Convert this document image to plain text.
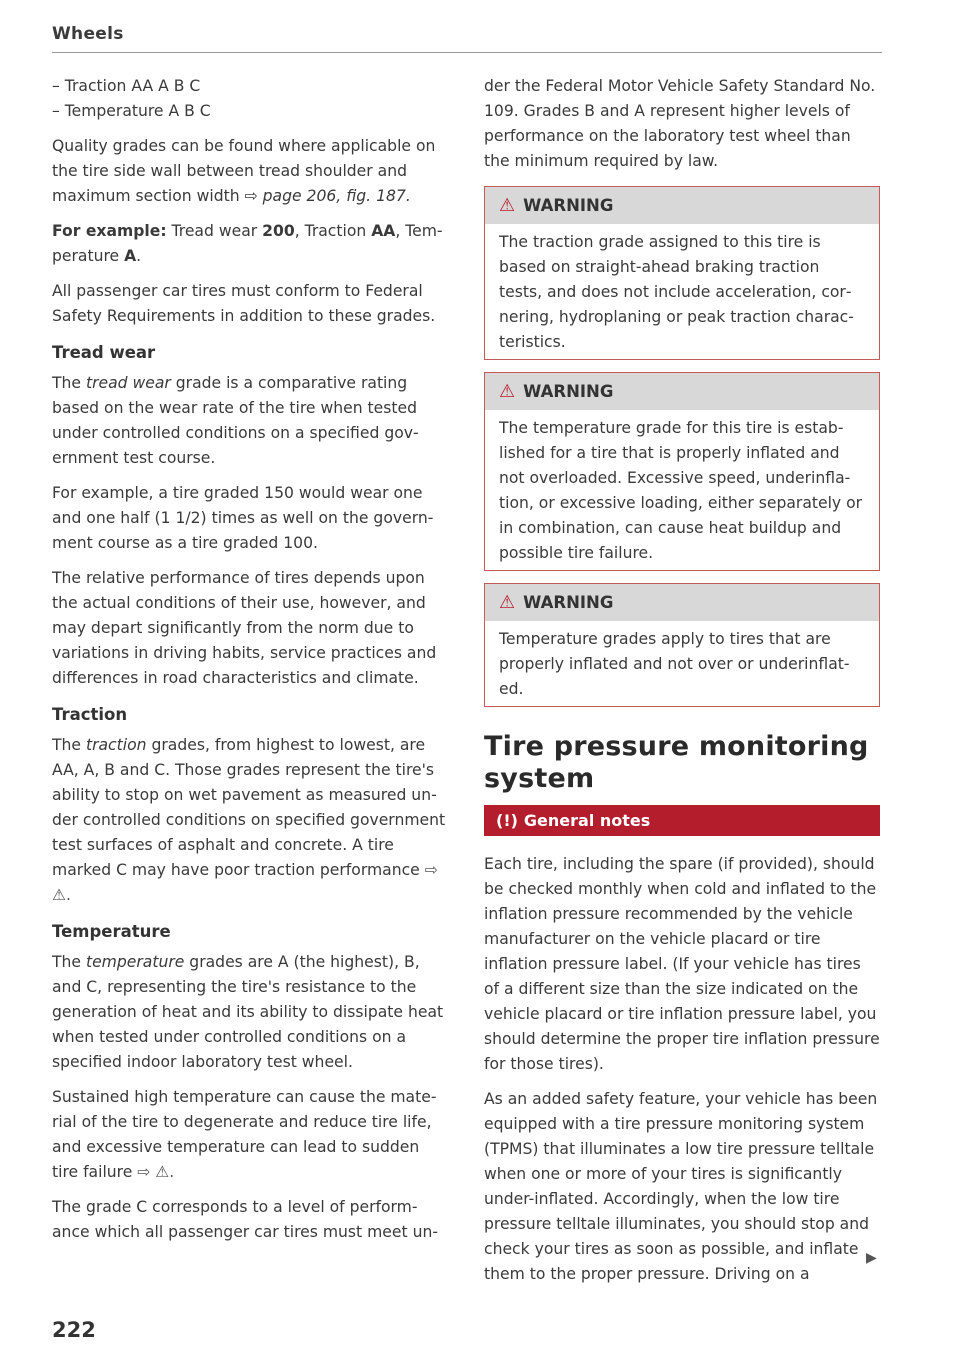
Wheels

– Traction AA A B C

– Temperature A B C

Quality grades can be found where applicable on the tire side wall between tread shoulder and maximum section width ⇨ page 206, fig. 187.

For example: Tread wear 200, Traction AA, Temperature A.

All passenger car tires must conform to Federal Safety Requirements in addition to these grades.

Tread wear

The tread wear grade is a comparative rating based on the wear rate of the tire when tested under controlled conditions on a specified government test course.

For example, a tire graded 150 would wear one and one half (1 1/2) times as well on the government course as a tire graded 100.

The relative performance of tires depends upon the actual conditions of their use, however, and may depart significantly from the norm due to variations in driving habits, service practices and differences in road characteristics and climate.

Traction

The traction grades, from highest to lowest, are AA, A, B and C. Those grades represent the tire's ability to stop on wet pavement as measured under controlled conditions on specified government test surfaces of asphalt and concrete. A tire marked C may have poor traction performance ⇨ ⚠.

Temperature

The temperature grades are A (the highest), B, and C, representing the tire's resistance to the generation of heat and its ability to dissipate heat when tested under controlled conditions on a specified indoor laboratory test wheel.

Sustained high temperature can cause the material of the tire to degenerate and reduce tire life, and excessive temperature can lead to sudden tire failure ⇨ ⚠.

The grade C corresponds to a level of performance which all passenger car tires must meet un-

der the Federal Motor Vehicle Safety Standard No. 109. Grades B and A represent higher levels of performance on the laboratory test wheel than the minimum required by law.

⚠ WARNING

The traction grade assigned to this tire is based on straight-ahead braking traction tests, and does not include acceleration, cornering, hydroplaning or peak traction characteristics.

⚠ WARNING

The temperature grade for this tire is established for a tire that is properly inflated and not overloaded. Excessive speed, underinflation, or excessive loading, either separately or in combination, can cause heat buildup and possible tire failure.

⚠ WARNING

Temperature grades apply to tires that are properly inflated and not over or underinflated.

Tire pressure monitoring system
(!) General notes

Each tire, including the spare (if provided), should be checked monthly when cold and inflated to the inflation pressure recommended by the vehicle manufacturer on the vehicle placard or tire inflation pressure label. (If your vehicle has tires of a different size than the size indicated on the vehicle placard or tire inflation pressure label, you should determine the proper tire inflation pressure for those tires).

As an added safety feature, your vehicle has been equipped with a tire pressure monitoring system (TPMS) that illuminates a low tire pressure telltale when one or more of your tires is significantly under-inflated. Accordingly, when the low tire pressure telltale illuminates, you should stop and check your tires as soon as possible, and inflate them to the proper pressure. Driving on a

▶
222
